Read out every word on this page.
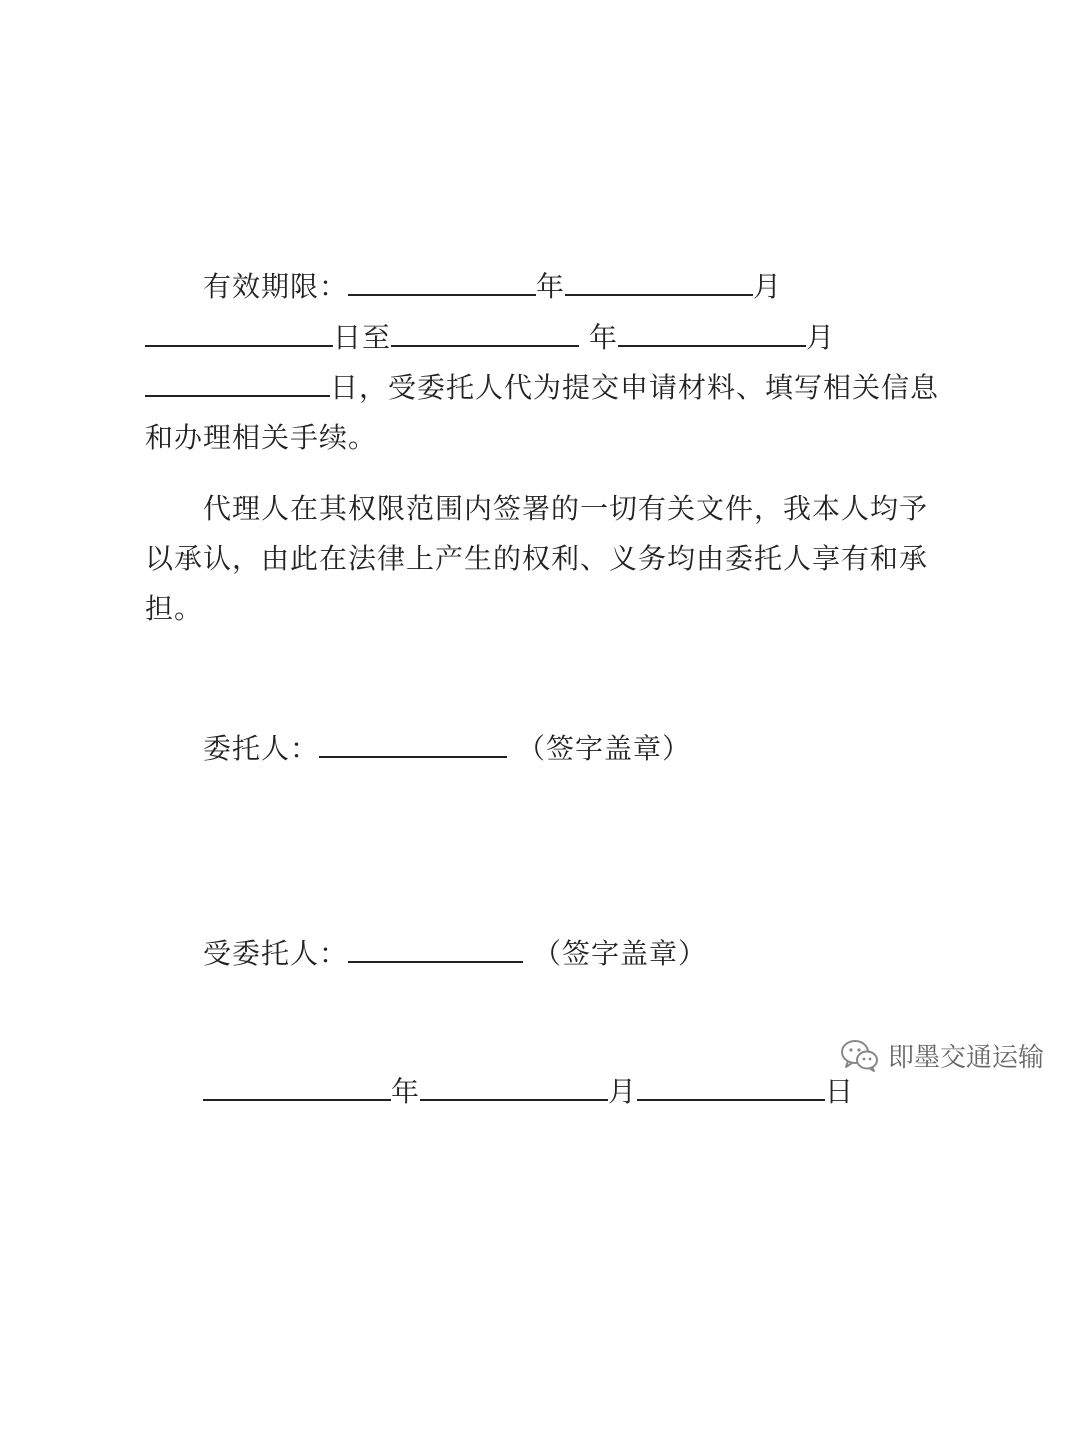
有效期限：	年	月
日至	年	月
日，受委托人代为提交申请材料、填写相关信息
和办理相关手续。
代理人在其权限范围内签署的一切有关文件，我本人均予
以承认，由此在法律上产生的权利、义务均由委托人享有和承
担。
委托人：	（签字盖章）
受委托人：	（签字盖章）
年	月	日
即墨交通运输
